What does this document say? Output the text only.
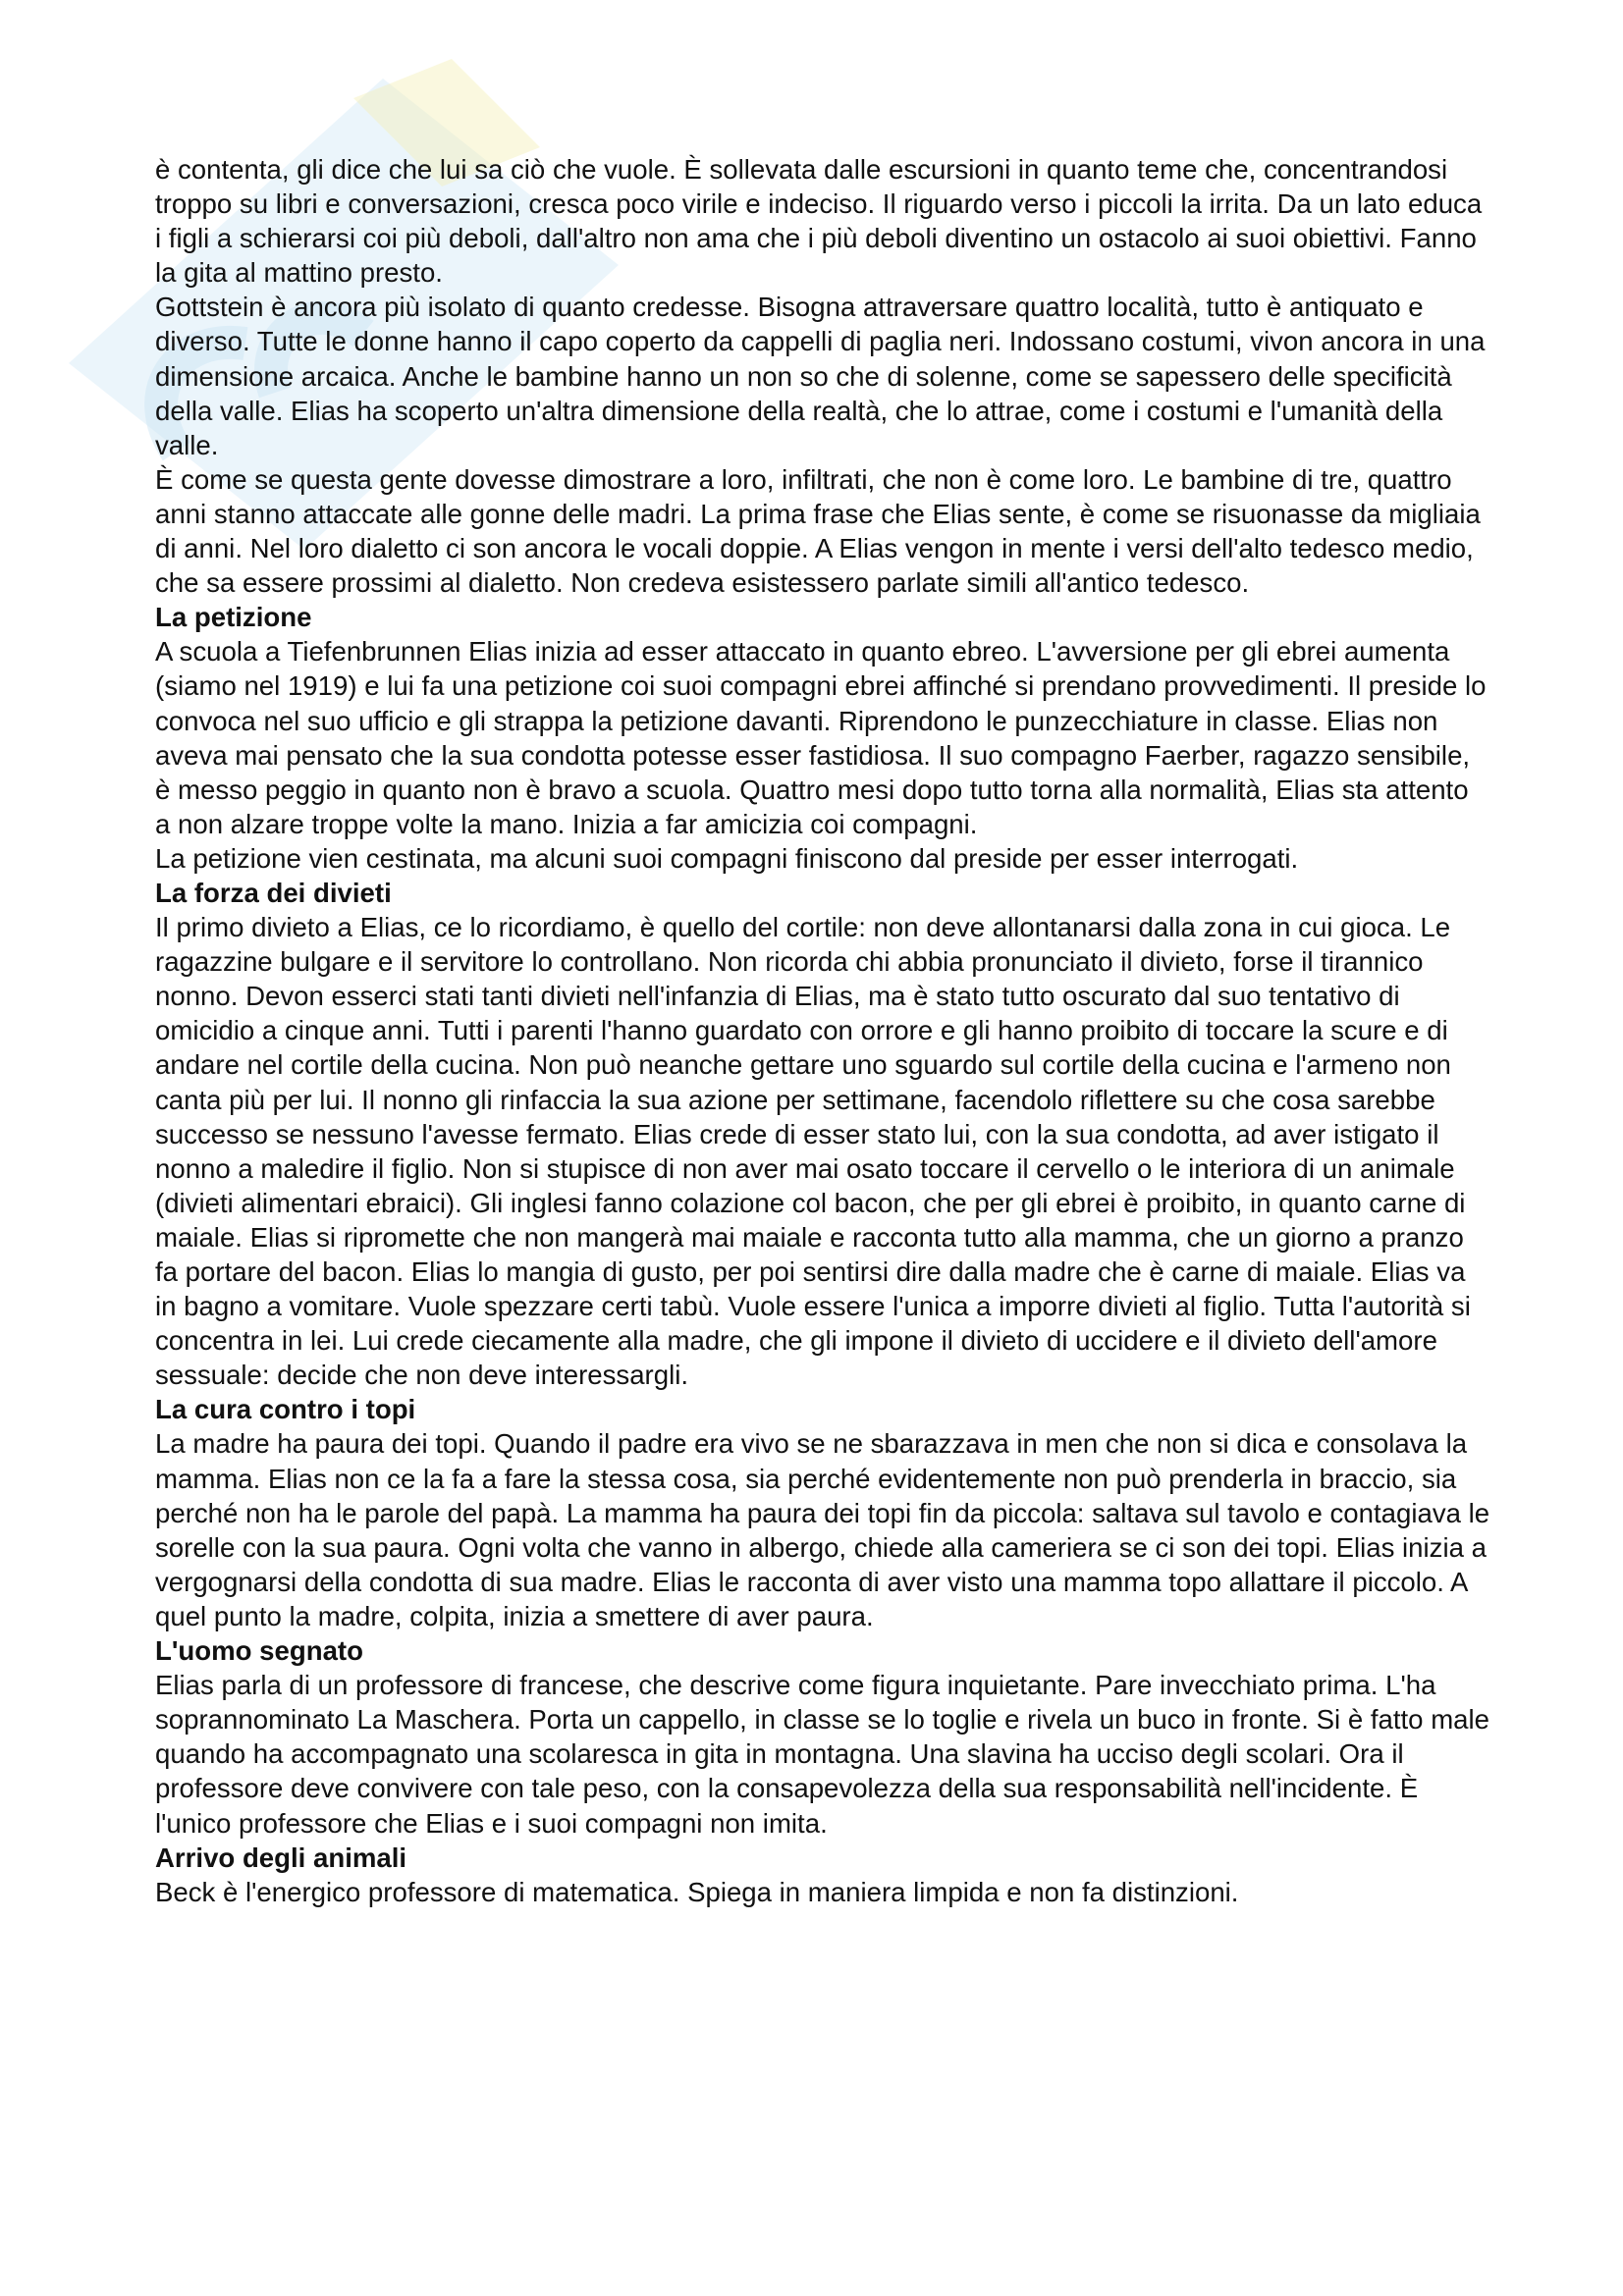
è contenta, gli dice che lui sa ciò che vuole. È sollevata dalle escursioni in quanto teme che, concentrandosi troppo su libri e conversazioni, cresca poco virile e indeciso. Il riguardo verso i piccoli la irrita. Da un lato educa i figli a schierarsi coi più deboli, dall'altro non ama che i più deboli diventino un ostacolo ai suoi obiettivi. Fanno la gita al mattino presto.

Gottstein è ancora più isolato di quanto credesse. Bisogna attraversare quattro località, tutto è antiquato e diverso. Tutte le donne hanno il capo coperto da cappelli di paglia neri. Indossano costumi, vivon ancora in una dimensione arcaica. Anche le bambine hanno un non so che di solenne, come se sapessero delle specificità della valle. Elias ha scoperto un'altra dimensione della realtà, che lo attrae, come i costumi e l'umanità della valle.

È come se questa gente dovesse dimostrare a loro, infiltrati, che non è come loro. Le bambine di tre, quattro anni stanno attaccate alle gonne delle madri. La prima frase che Elias sente, è come se risuonasse da migliaia di anni. Nel loro dialetto ci son ancora le vocali doppie. A Elias vengon in mente i versi dell'alto tedesco medio, che sa essere prossimi al dialetto. Non credeva esistessero parlate simili all'antico tedesco.

La petizione

A scuola a Tiefenbrunnen Elias inizia ad esser attaccato in quanto ebreo. L'avversione per gli ebrei aumenta (siamo nel 1919) e lui fa una petizione coi suoi compagni ebrei affinché si prendano provvedimenti. Il preside lo convoca nel suo ufficio e gli strappa la petizione davanti. Riprendono le punzecchiature in classe. Elias non aveva mai pensato che la sua condotta potesse esser fastidiosa. Il suo compagno Faerber, ragazzo sensibile, è messo peggio in quanto non è bravo a scuola. Quattro mesi dopo tutto torna alla normalità, Elias sta attento a non alzare troppe volte la mano. Inizia a far amicizia coi compagni.

La petizione vien cestinata, ma alcuni suoi compagni finiscono dal preside per esser interrogati.

La forza dei divieti

Il primo divieto a Elias, ce lo ricordiamo, è quello del cortile: non deve allontanarsi dalla zona in cui gioca. Le ragazzine bulgare e il servitore lo controllano. Non ricorda chi abbia pronunciato il divieto, forse il tirannico nonno. Devon esserci stati tanti divieti nell'infanzia di Elias, ma è stato tutto oscurato dal suo tentativo di omicidio a cinque anni. Tutti i parenti l'hanno guardato con orrore e gli hanno proibito di toccare la scure e di andare nel cortile della cucina. Non può neanche gettare uno sguardo sul cortile della cucina e l'armeno non canta più per lui. Il nonno gli rinfaccia la sua azione per settimane, facendolo riflettere su che cosa sarebbe successo se nessuno l'avesse fermato. Elias crede di esser stato lui, con la sua condotta, ad aver istigato il nonno a maledire il figlio. Non si stupisce di non aver mai osato toccare il cervello o le interiora di un animale (divieti alimentari ebraici). Gli inglesi fanno colazione col bacon, che per gli ebrei è proibito, in quanto carne di maiale. Elias si ripromette che non mangerà mai maiale e racconta tutto alla mamma, che un giorno a pranzo fa portare del bacon. Elias lo mangia di gusto, per poi sentirsi dire dalla madre che è carne di maiale. Elias va in bagno a vomitare. Vuole spezzare certi tabù. Vuole essere l'unica a imporre divieti al figlio. Tutta l'autorità si concentra in lei. Lui crede ciecamente alla madre, che gli impone il divieto di uccidere e il divieto dell'amore sessuale: decide che non deve interessargli.

La cura contro i topi

La madre ha paura dei topi. Quando il padre era vivo se ne sbarazzava in men che non si dica e consolava la mamma. Elias non ce la fa a fare la stessa cosa, sia perché evidentemente non può prenderla in braccio, sia perché non ha le parole del papà. La mamma ha paura dei topi fin da piccola: saltava sul tavolo e contagiava le sorelle con la sua paura. Ogni volta che vanno in albergo, chiede alla cameriera se ci son dei topi. Elias inizia a vergognarsi della condotta di sua madre. Elias le racconta di aver visto una mamma topo allattare il piccolo. A quel punto la madre, colpita, inizia a smettere di aver paura.

L'uomo segnato

Elias parla di un professore di francese, che descrive come figura inquietante. Pare invecchiato prima. L'ha soprannominato La Maschera. Porta un cappello, in classe se lo toglie e rivela un buco in fronte. Si è fatto male quando ha accompagnato una scolaresca in gita in montagna. Una slavina ha ucciso degli scolari. Ora il professore deve convivere con tale peso, con la consapevolezza della sua responsabilità nell'incidente. È l'unico professore che Elias e i suoi compagni non imita.

Arrivo degli animali

Beck è l'energico professore di matematica. Spiega in maniera limpida e non fa distinzioni.
